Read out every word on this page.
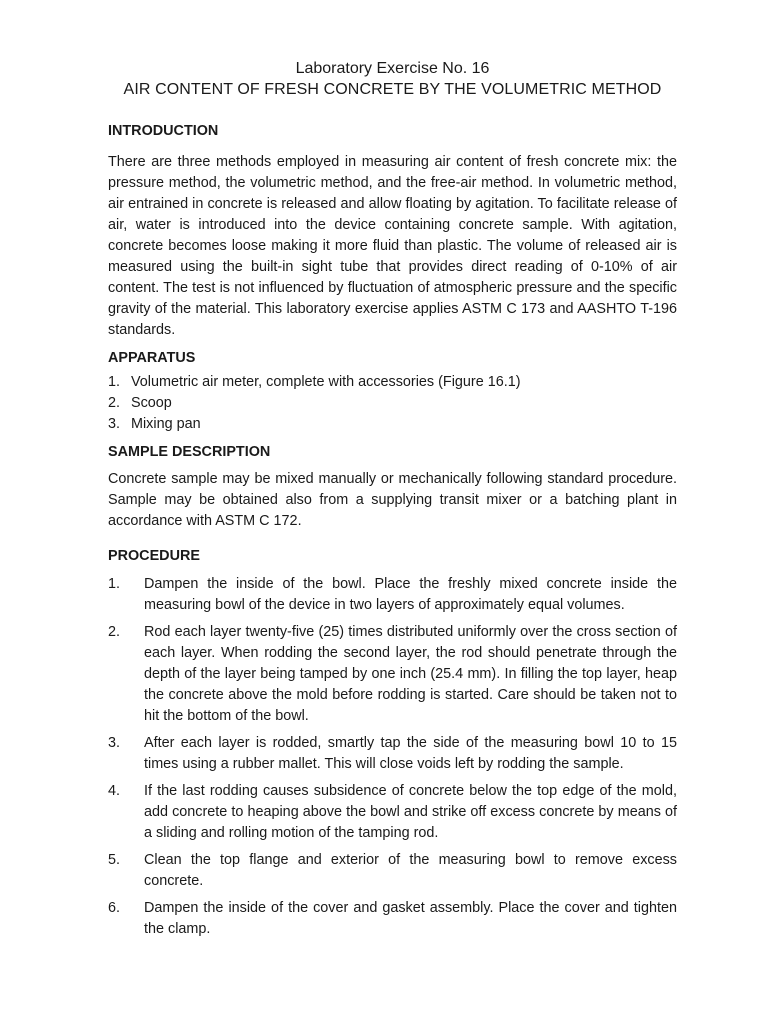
Laboratory Exercise No. 16
AIR CONTENT OF FRESH CONCRETE BY THE VOLUMETRIC METHOD
INTRODUCTION

There are three methods employed in measuring air content of fresh concrete mix: the pressure method, the volumetric method, and the free-air method. In volumetric method, air entrained in concrete is released and allow floating by agitation. To facilitate release of air, water is introduced into the device containing concrete sample. With agitation, concrete becomes loose making it more fluid than plastic. The volume of released air is measured using the built-in sight tube that provides direct reading of 0-10% of air content. The test is not influenced by fluctuation of atmospheric pressure and the specific gravity of the material. This laboratory exercise applies ASTM C 173 and AASHTO T-196 standards.

APPARATUS
1. Volumetric air meter, complete with accessories (Figure 16.1)
2. Scoop
3. Mixing pan
SAMPLE DESCRIPTION

Concrete sample may be mixed manually or mechanically following standard procedure. Sample may be obtained also from a supplying transit mixer or a batching plant in accordance with ASTM C 172.

PROCEDURE
1.	Dampen the inside of the bowl. Place the freshly mixed concrete inside the measuring bowl of the device in two layers of approximately equal volumes.
2.	Rod each layer twenty-five (25) times distributed uniformly over the cross section of each layer. When rodding the second layer, the rod should penetrate through the depth of the layer being tamped by one inch (25.4 mm). In filling the top layer, heap the concrete above the mold before rodding is started. Care should be taken not to hit the bottom of the bowl.
3.	After each layer is rodded, smartly tap the side of the measuring bowl 10 to 15 times using a rubber mallet. This will close voids left by rodding the sample.
4.	If the last rodding causes subsidence of concrete below the top edge of the mold, add concrete to heaping above the bowl and strike off excess concrete by means of a sliding and rolling motion of the tamping rod.
5.	Clean the top flange and exterior of the measuring bowl to remove excess concrete.
6.	Dampen the inside of the cover and gasket assembly. Place the cover and tighten the clamp.
